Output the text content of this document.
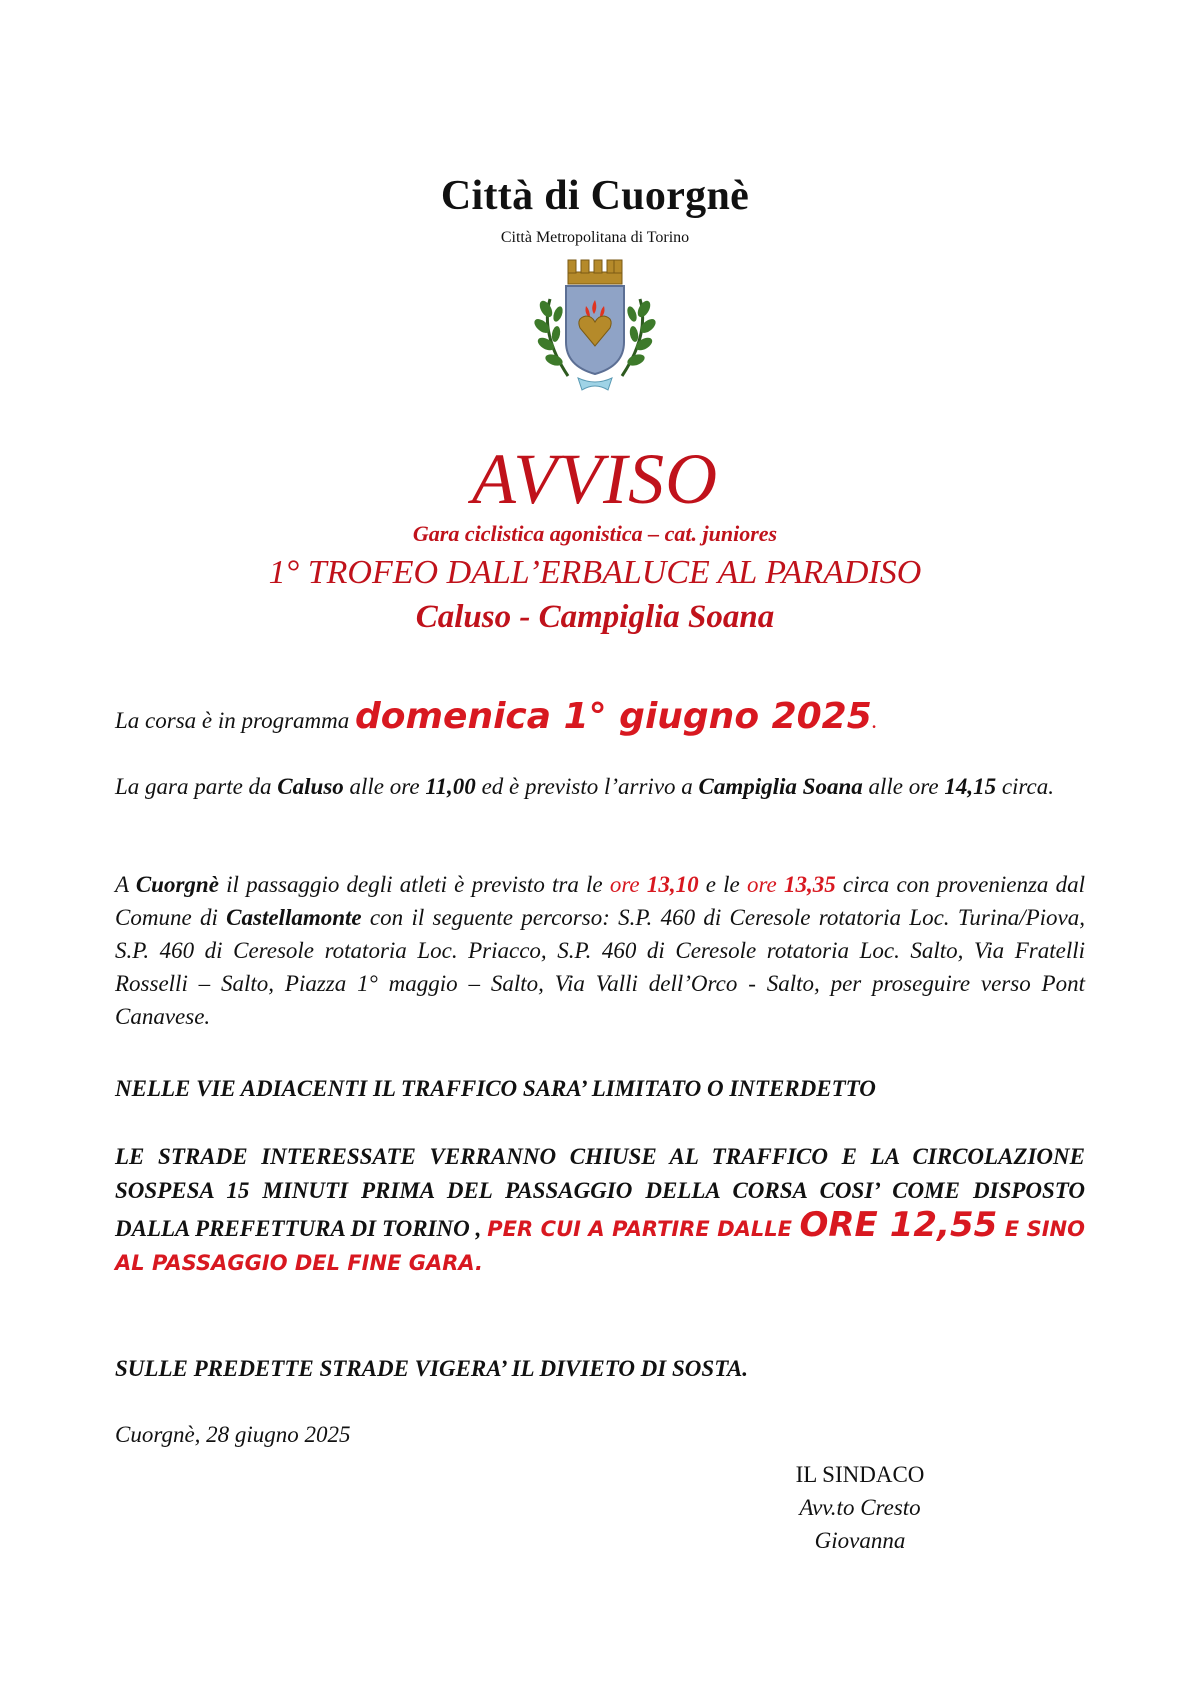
Città di Cuorgnè
Città Metropolitana di Torino
AVVISO
Gara ciclistica agonistica – cat. juniores
1° TROFEO DALL’ERBALUCE AL PARADISO
Caluso - Campiglia Soana
La corsa è in programma domenica 1° giugno 2025.
La gara parte da Caluso alle ore 11,00 ed è previsto l’arrivo a Campiglia Soana alle ore 14,15 circa.
A Cuorgnè il passaggio degli atleti è previsto tra le ore 13,10 e le ore 13,35 circa con provenienza dal Comune di Castellamonte con il seguente percorso: S.P. 460 di Ceresole rotatoria Loc. Turina/Piova, S.P. 460 di Ceresole rotatoria Loc. Priacco, S.P. 460 di Ceresole rotatoria Loc. Salto, Via Fratelli Rosselli – Salto, Piazza 1° maggio – Salto, Via Valli dell’Orco - Salto, per proseguire verso Pont Canavese.
NELLE VIE ADIACENTI IL TRAFFICO SARA’ LIMITATO O INTERDETTO
LE STRADE INTERESSATE VERRANNO CHIUSE AL TRAFFICO E LA CIRCOLAZIONE SOSPESA 15 MINUTI PRIMA DEL PASSAGGIO DELLA CORSA COSI’ COME DISPOSTO DALLA PREFETTURA DI TORINO , PER CUI A PARTIRE DALLE ORE 12,55 E SINO AL PASSAGGIO DEL FINE GARA.
SULLE PREDETTE STRADE VIGERA’ IL DIVIETO DI SOSTA.
Cuorgnè, 28 giugno 2025
IL SINDACO
Avv.to Cresto Giovanna
